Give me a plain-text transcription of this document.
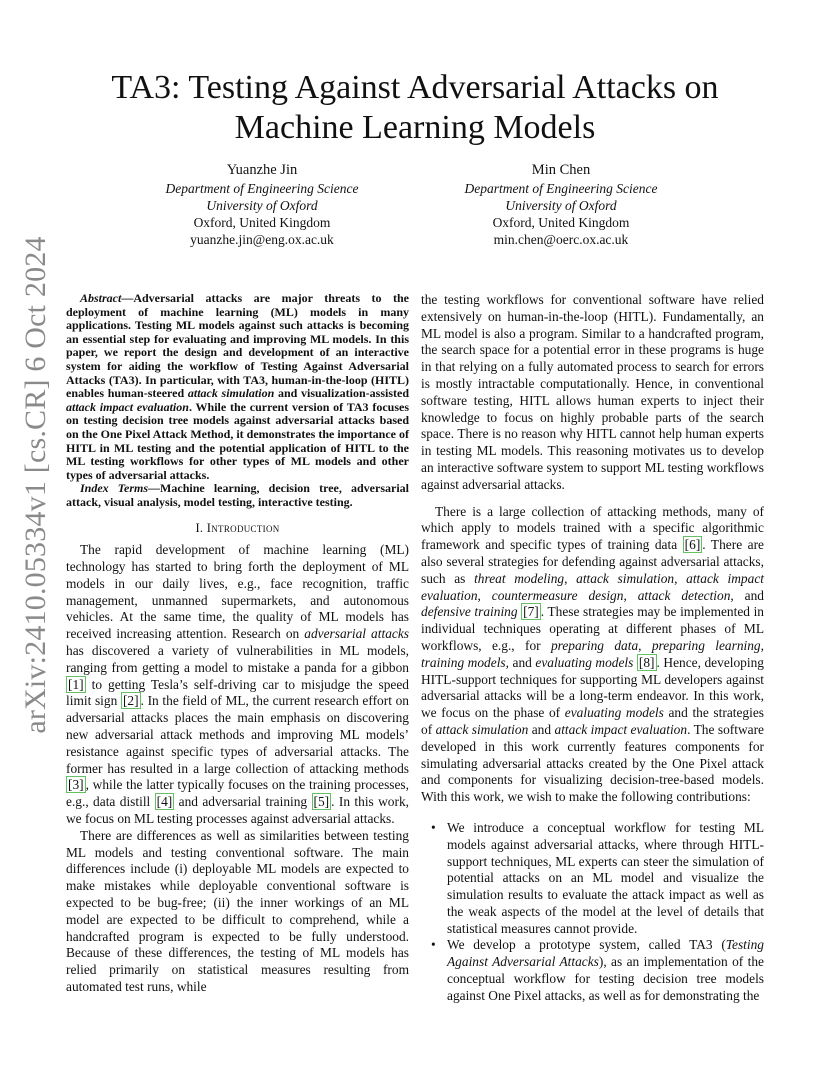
arXiv:2410.05334v1 [cs.CR] 6 Oct 2024
TA3: Testing Against Adversarial Attacks on Machine Learning Models
Yuanzhe Jin
Department of Engineering Science
University of Oxford
Oxford, United Kingdom
yuanzhe.jin@eng.ox.ac.uk
Min Chen
Department of Engineering Science
University of Oxford
Oxford, United Kingdom
min.chen@oerc.ox.ac.uk

Abstract—Adversarial attacks are major threats to the deployment of machine learning (ML) models in many applications. Testing ML models against such attacks is becoming an essential step for evaluating and improving ML models. In this paper, we report the design and development of an interactive system for aiding the workflow of Testing Against Adversarial Attacks (TA3). In particular, with TA3, human-in-the-loop (HITL) enables human-steered attack simulation and visualization-assisted attack impact evaluation. While the current version of TA3 focuses on testing decision tree models against adversarial attacks based on the One Pixel Attack Method, it demonstrates the importance of HITL in ML testing and the potential application of HITL to the ML testing workflows for other types of ML models and other types of adversarial attacks.

Index Terms—Machine learning, decision tree, adversarial attack, visual analysis, model testing, interactive testing.

I. Introduction

The rapid development of machine learning (ML) technology has started to bring forth the deployment of ML models in our daily lives, e.g., face recognition, traffic management, unmanned supermarkets, and autonomous vehicles. At the same time, the quality of ML models has received increasing attention. Research on adversarial attacks has discovered a variety of vulnerabilities in ML models, ranging from getting a model to mistake a panda for a gibbon [1] to getting Tesla’s self-driving car to misjudge the speed limit sign [2] . In the field of ML, the current research effort on adversarial attacks places the main emphasis on discovering new adversarial attack methods and improving ML models’ resistance against specific types of adversarial attacks. The former has resulted in a large collection of attacking methods [3] , while the latter typically focuses on the training processes, e.g., data distill [4] and adversarial training [5] . In this work, we focus on ML testing processes against adversarial attacks.

There are differences as well as similarities between testing ML models and testing conventional software. The main differences include (i) deployable ML models are expected to make mistakes while deployable conventional software is expected to be bug-free; (ii) the inner workings of an ML model are expected to be difficult to comprehend, while a handcrafted program is expected to be fully understood. Because of these differences, the testing of ML models has relied primarily on statistical measures resulting from automated test runs, while

the testing workflows for conventional software have relied extensively on human-in-the-loop (HITL). Fundamentally, an ML model is also a program. Similar to a handcrafted program, the search space for a potential error in these programs is huge in that relying on a fully automated process to search for errors is mostly intractable computationally. Hence, in conventional software testing, HITL allows human experts to inject their knowledge to focus on highly probable parts of the search space. There is no reason why HITL cannot help human experts in testing ML models. This reasoning motivates us to develop an interactive software system to support ML testing workflows against adversarial attacks.

There is a large collection of attacking methods, many of which apply to models trained with a specific algorithmic framework and specific types of training data [6] . There are also several strategies for defending against adversarial attacks, such as threat modeling, attack simulation, attack impact evaluation, countermeasure design, attack detection, and defensive training [7] . These strategies may be implemented in individual techniques operating at different phases of ML workflows, e.g., for preparing data, preparing learning, training models, and evaluating models [8] . Hence, developing HITL-support techniques for supporting ML developers against adversarial attacks will be a long-term endeavor. In this work, we focus on the phase of evaluating models and the strategies of attack simulation and attack impact evaluation. The software developed in this work currently features components for simulating adversarial attacks created by the One Pixel attack and components for visualizing decision-tree-based models. With this work, we wish to make the following contributions:

• We introduce a conceptual workflow for testing ML models against adversarial attacks, where through HITL-support techniques, ML experts can steer the simulation of potential attacks on an ML model and visualize the simulation results to evaluate the attack impact as well as the weak aspects of the model at the level of details that statistical measures cannot provide.
• We develop a prototype system, called TA3 (Testing Against Adversarial Attacks), as an implementation of the conceptual workflow for testing decision tree models against One Pixel attacks, as well as for demonstrating the
